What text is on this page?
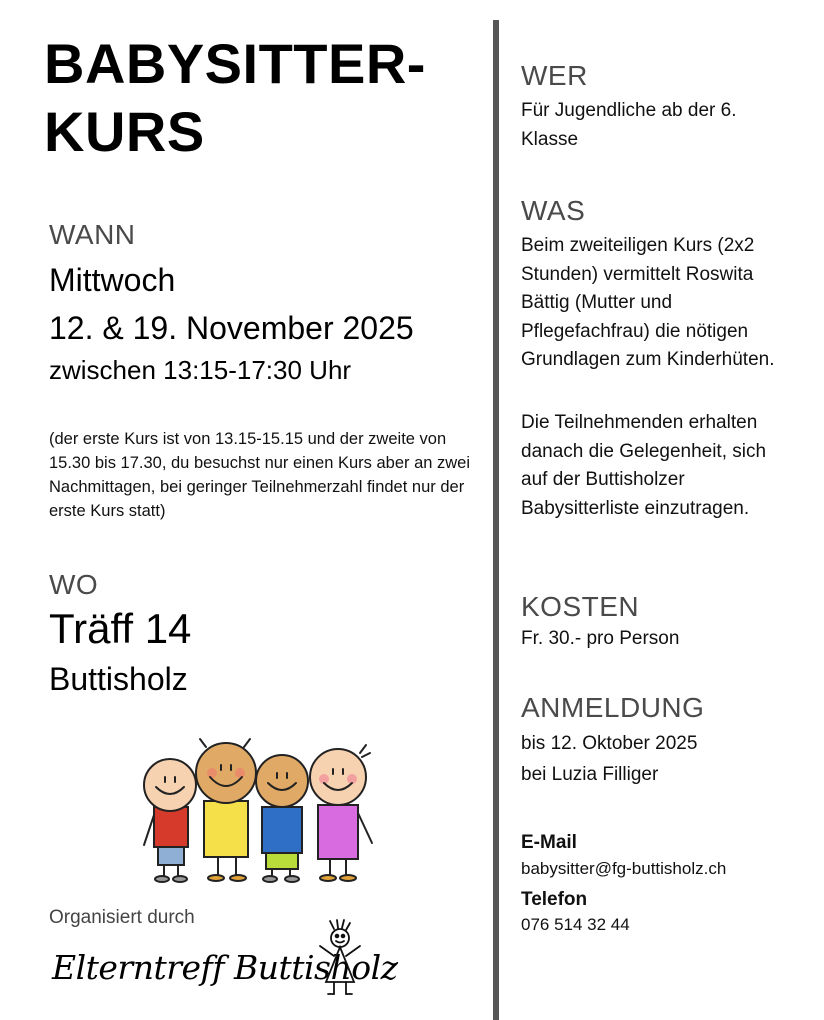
BABYSITTER-
KURS
WANN
Mittwoch
12. & 19. November 2025
zwischen 13:15-17:30 Uhr
(der erste Kurs ist von 13.15-15.15 und der zweite von 15.30 bis 17.30, du besuchst nur einen Kurs aber an zwei Nachmittagen, bei geringer Teilnehmerzahl findet nur der erste Kurs statt)
WO
Träff 14
Buttisholz
Organisiert durch
Elterntreff Buttisholz
WER
Für Jugendliche ab der 6. Klasse
WAS
Beim zweiteiligen Kurs (2x2 Stunden) vermittelt Roswita Bättig (Mutter und Pflegefachfrau) die nötigen Grundlagen zum Kinderhüten.
Die Teilnehmenden erhalten danach die Gelegenheit, sich auf der Buttisholzer Babysitterliste einzutragen.
KOSTEN
Fr. 30.- pro Person
ANMELDUNG
bis 12. Oktober 2025
bei Luzia Filliger
E-Mail
babysitter@fg-buttisholz.ch
Telefon
076 514 32 44
